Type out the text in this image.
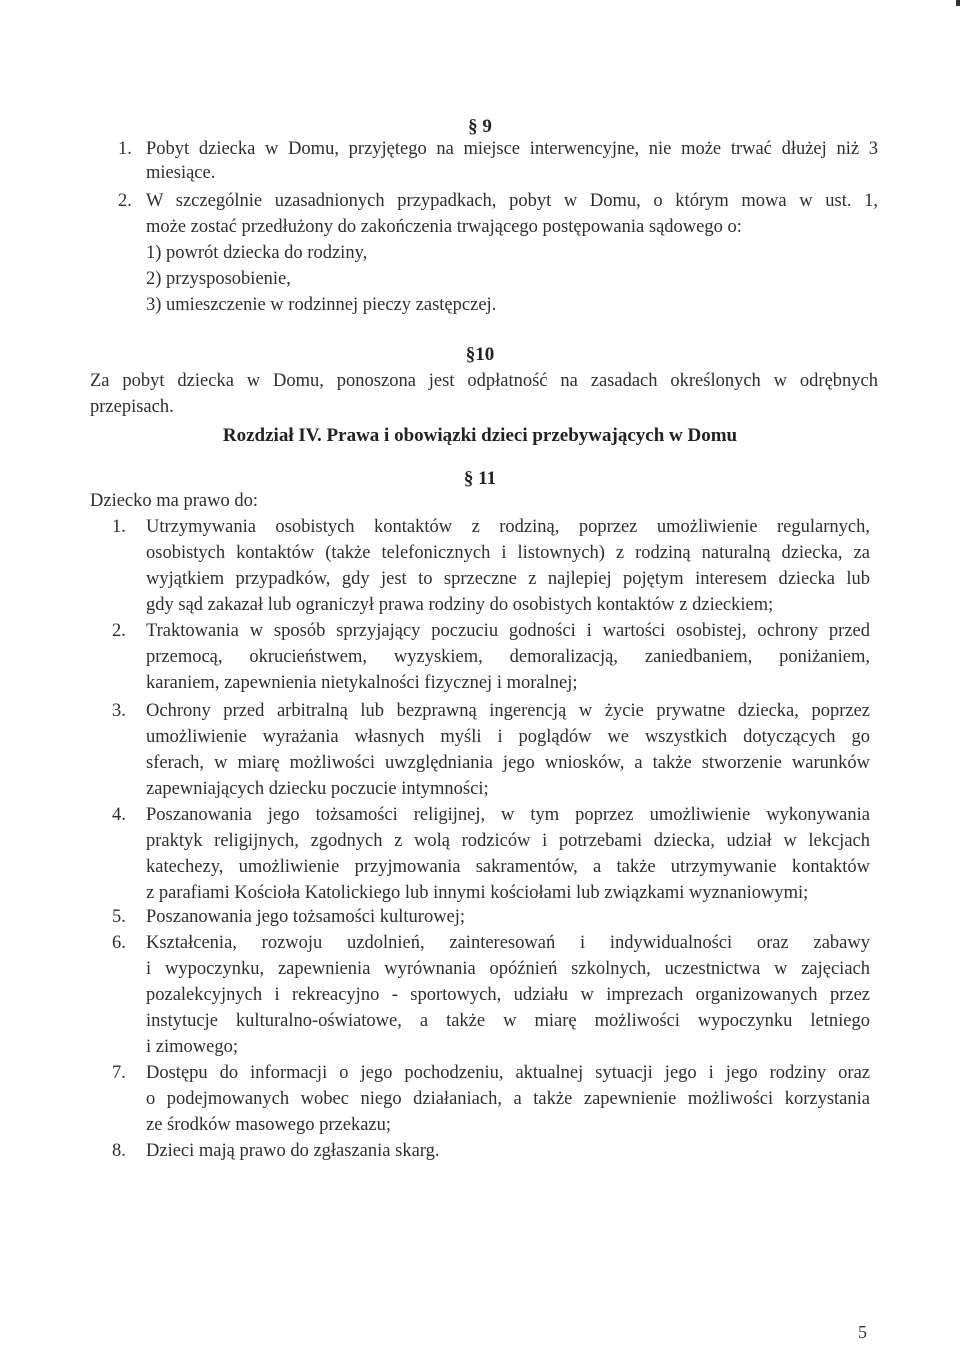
§ 9
1. Pobyt dziecka w Domu, przyjętego na miejsce interwencyjne, nie może trwać dłużej niż 3
miesiące.
2. W szczególnie uzasadnionych przypadkach, pobyt w Domu, o którym mowa w ust. 1,
może zostać przedłużony do zakończenia trwającego postępowania sądowego o:
1) powrót dziecka do rodziny,
2) przysposobienie,
3) umieszczenie w rodzinnej pieczy zastępczej.
§10
Za pobyt dziecka w Domu, ponoszona jest odpłatność na zasadach określonych w odrębnych
przepisach.
Rozdział IV. Prawa i obowiązki dzieci przebywających w Domu
§ 11
Dziecko ma prawo do:
1. Utrzymywania osobistych kontaktów z rodziną, poprzez umożliwienie regularnych,
osobistych kontaktów (także telefonicznych i listownych) z rodziną naturalną dziecka, za
wyjątkiem przypadków, gdy jest to sprzeczne z najlepiej pojętym interesem dziecka lub
gdy sąd zakazał lub ograniczył prawa rodziny do osobistych kontaktów z dzieckiem;
2. Traktowania w sposób sprzyjający poczuciu godności i wartości osobistej, ochrony przed
przemocą, okrucieństwem, wyzyskiem, demoralizacją, zaniedbaniem, poniżaniem,
karaniem, zapewnienia nietykalności fizycznej i moralnej;
3. Ochrony przed arbitralną lub bezprawną ingerencją w życie prywatne dziecka, poprzez
umożliwienie wyrażania własnych myśli i poglądów we wszystkich dotyczących go
sferach, w miarę możliwości uwzględniania jego wniosków, a także stworzenie warunków
zapewniających dziecku poczucie intymności;
4. Poszanowania jego tożsamości religijnej, w tym poprzez umożliwienie wykonywania
praktyk religijnych, zgodnych z wolą rodziców i potrzebami dziecka, udział w lekcjach
katechezy, umożliwienie przyjmowania sakramentów, a także utrzymywanie kontaktów
z parafiami Kościoła Katolickiego lub innymi kościołami lub związkami wyznaniowymi;
5. Poszanowania jego tożsamości kulturowej;
6. Kształcenia, rozwoju uzdolnień, zainteresowań i indywidualności oraz zabawy
i wypoczynku, zapewnienia wyrównania opóźnień szkolnych, uczestnictwa w zajęciach
pozalekcyjnych i rekreacyjno - sportowych, udziału w imprezach organizowanych przez
instytucje kulturalno-oświatowe, a także w miarę możliwości wypoczynku letniego
i zimowego;
7. Dostępu do informacji o jego pochodzeniu, aktualnej sytuacji jego i jego rodziny oraz
o podejmowanych wobec niego działaniach, a także zapewnienie możliwości korzystania
ze środków masowego przekazu;
8. Dzieci mają prawo do zgłaszania skarg.
5
